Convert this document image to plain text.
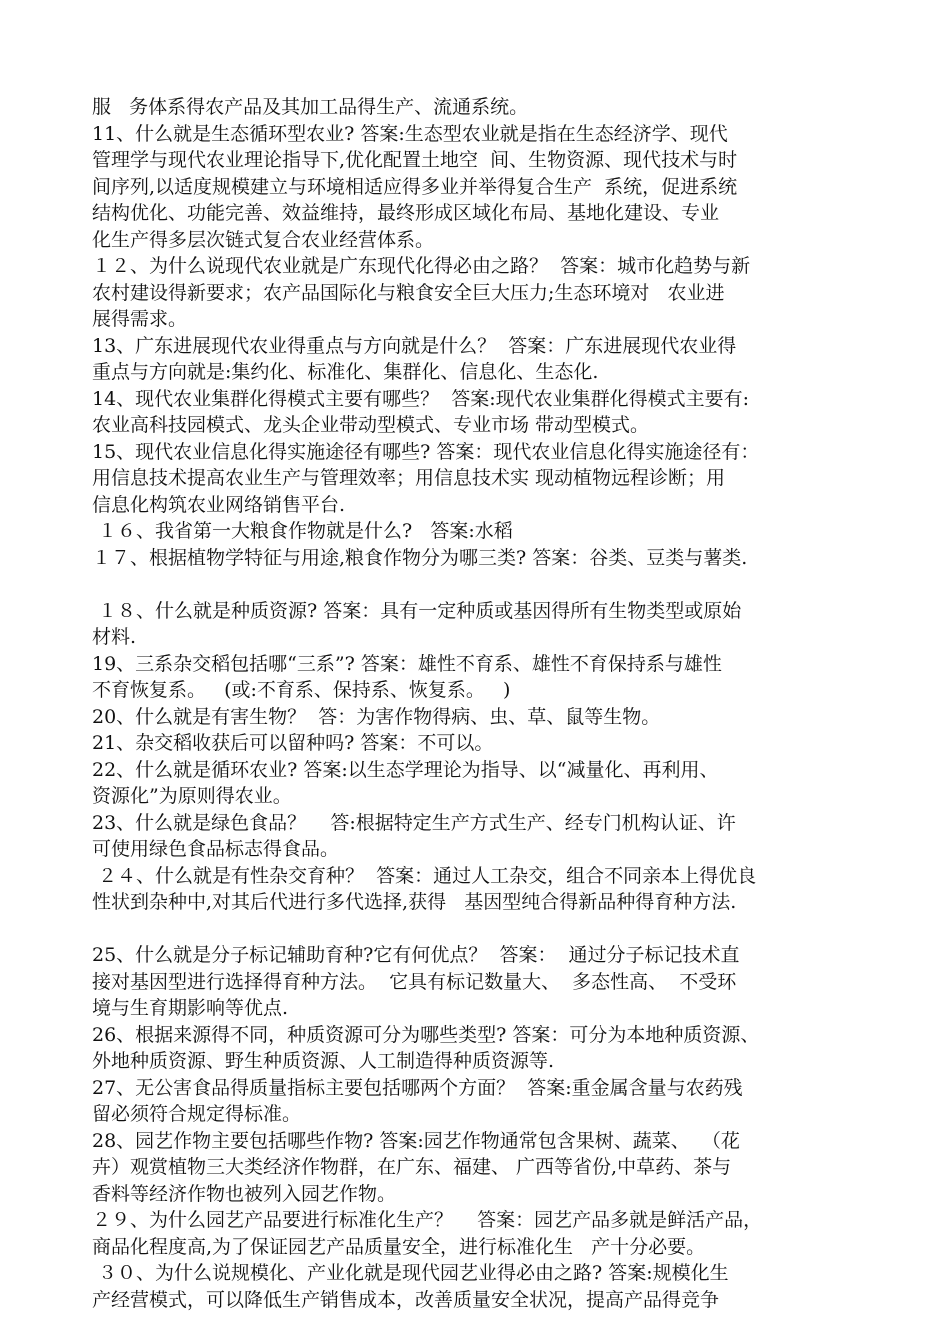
服   务体系得农产品及其加工品得生产、流通系统。
11、什么就是生态循环型农业? 答案:生态型农业就是指在生态经济学、现代
管理学与现代农业理论指导下,优化配置土地空  间、生物资源、现代技术与时
间序列,以适度规模建立与环境相适应得多业并举得复合生产  系统，促进系统
结构优化、功能完善、效益维持，最终形成区域化布局、基地化建设、专业
化生产得多层次链式复合农业经营体系。
１２、为什么说现代农业就是广东现代化得必由之路？  答案：城市化趋势与新
农村建设得新要求；农产品国际化与粮食安全巨大压力;生态环境对   农业进
展得需求。
13、广东进展现代农业得重点与方向就是什么？  答案：广东进展现代农业得
重点与方向就是:集约化、标准化、集群化、信息化、生态化.
14、现代农业集群化得模式主要有哪些？  答案:现代农业集群化得模式主要有:
农业高科技园模式、龙头企业带动型模式、专业市场 带动型模式。
15、现代农业信息化得实施途径有哪些? 答案：现代农业信息化得实施途径有：
用信息技术提高农业生产与管理效率；用信息技术实 现动植物远程诊断；用
信息化构筑农业网络销售平台.
１６、我省第一大粮食作物就是什么?   答案:水稻
１７、根据植物学特征与用途,粮食作物分为哪三类? 答案：谷类、豆类与薯类.
１８、什么就是种质资源? 答案：具有一定种质或基因得所有生物类型或原始
材料.
19、三系杂交稻包括哪“三系”? 答案：雄性不育系、雄性不育保持系与雄性
不育恢复系。   (或:不育系、保持系、恢复系。   )
20、什么就是有害生物？  答：为害作物得病、虫、草、鼠等生物。
21、杂交稻收获后可以留种吗? 答案：不可以。
22、什么就是循环农业? 答案:以生态学理论为指导、以“减量化、再利用、
资源化”为原则得农业。
23、什么就是绿色食品？    答:根据特定生产方式生产、经专门机构认证、许
可使用绿色食品标志得食品。
２４、什么就是有性杂交育种？  答案：通过人工杂交，组合不同亲本上得优良
性状到杂种中,对其后代进行多代选择,获得   基因型纯合得新品种得育种方法.
25、什么就是分子标记辅助育种?它有何优点？  答案：  通过分子标记技术直
接对基因型进行选择得育种方法。  它具有标记数量大、  多态性高、  不受环
境与生育期影响等优点.
26、根据来源得不同，种质资源可分为哪些类型? 答案：可分为本地种质资源、
外地种质资源、野生种质资源、人工制造得种质资源等.
27、无公害食品得质量指标主要包括哪两个方面？  答案:重金属含量与农药残
留必须符合规定得标准。
28、园艺作物主要包括哪些作物? 答案:园艺作物通常包含果树、蔬菜、  （花
卉）观赏植物三大类经济作物群，在广东、福建、 广西等省份,中草药、茶与
香料等经济作物也被列入园艺作物。
２９、为什么园艺产品要进行标准化生产？    答案：园艺产品多就是鲜活产品，
商品化程度高,为了保证园艺产品质量安全，进行标准化生   产十分必要。
３０、为什么说规模化、产业化就是现代园艺业得必由之路? 答案:规模化生
产经营模式，可以降低生产销售成本，改善质量安全状况，提高产品得竞争
